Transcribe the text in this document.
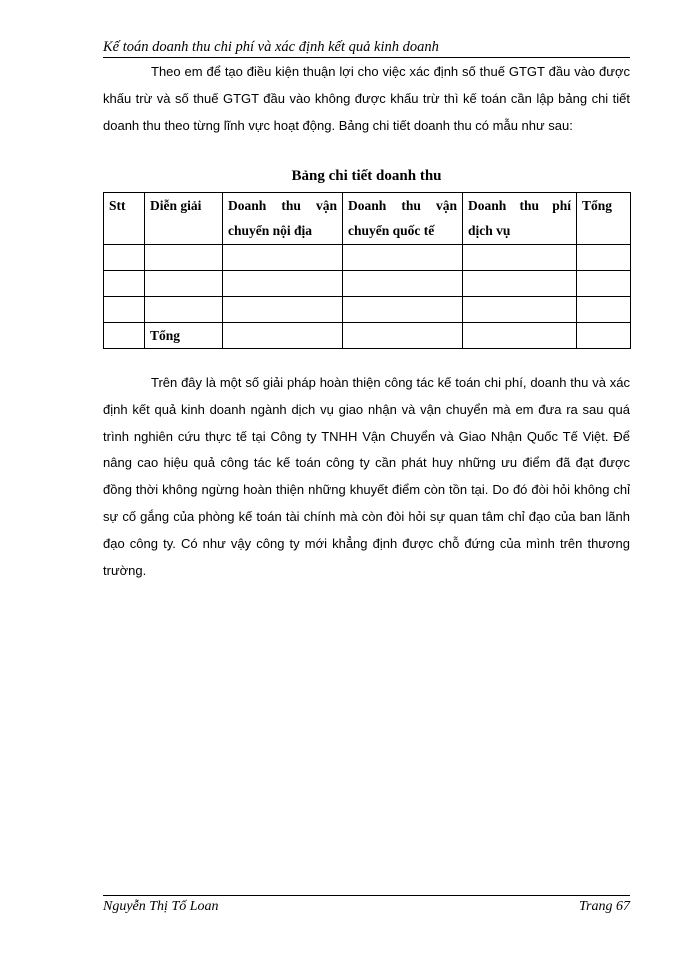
Kế toán doanh thu chi phí và xác định kết quả kinh doanh

Theo em để tạo điều kiện thuận lợi cho việc xác định số thuế GTGT đầu vào được khấu trừ và số thuế GTGT đầu vào không được khấu trừ thì kế toán cần lập bảng chi tiết doanh thu theo từng lĩnh vực hoạt động. Bảng chi tiết doanh thu có mẫu như sau:

Bảng chi tiết doanh thu
Stt	Diễn giải	Doanh thu vận chuyển nội địa	Doanh thu vận chuyển quốc tế	Doanh thu phí dịch vụ	Tổng

	Tổng				

Trên đây là một số giải pháp hoàn thiện công tác kế toán chi phí, doanh thu và xác định kết quả kinh doanh ngành dịch vụ giao nhận và vận chuyển mà em đưa ra sau quá trình nghiên cứu thực tế tại Công ty TNHH Vận Chuyển và Giao Nhận Quốc Tế Việt. Để nâng cao hiệu quả công tác kế toán công ty cần phát huy những ưu điểm đã đạt được đồng thời không ngừng hoàn thiện những khuyết điểm còn tồn tại. Do đó đòi hỏi không chỉ sự cố gắng của phòng kế toán tài chính mà còn đòi hỏi sự quan tâm chỉ đạo của ban lãnh đạo công ty. Có như vậy công ty mới khẳng định được chỗ đứng của mình trên thương trường.

Nguyễn Thị Tố Loan	Trang 67
